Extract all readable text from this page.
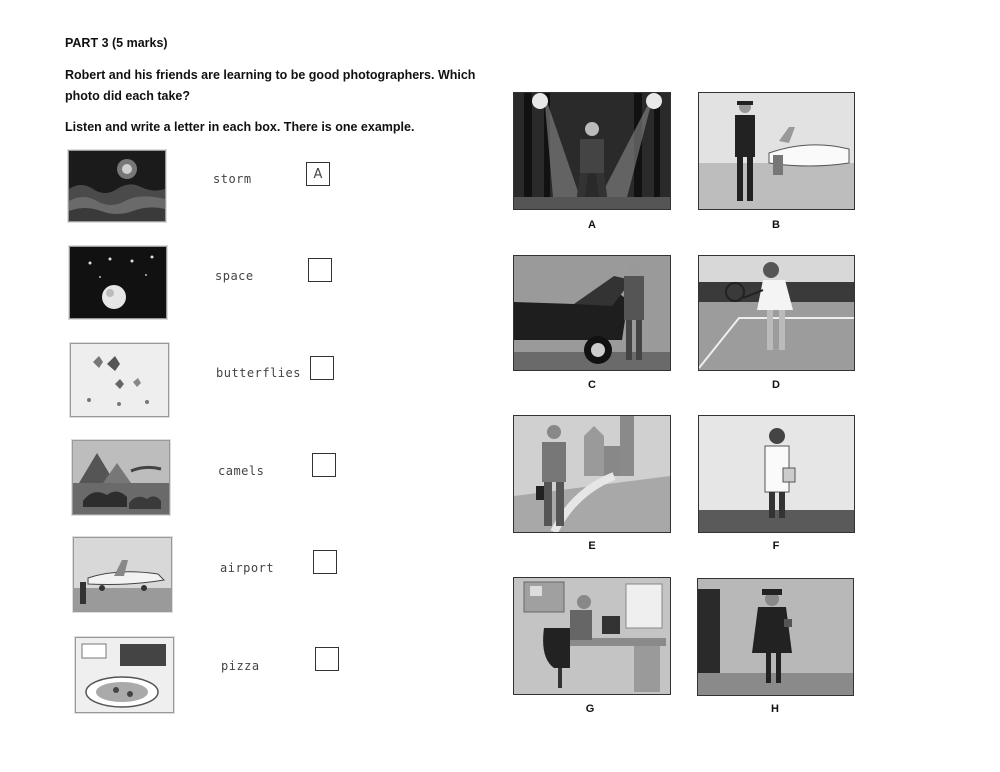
PART 3 (5 marks)
Robert and his friends are learning to be good photographers. Which
photo did each take?
Listen and write a letter in each box. There is one example.
storm	A
space
butterflies
camels
airport
pizza
A	B
C	D
E	F
G	H
